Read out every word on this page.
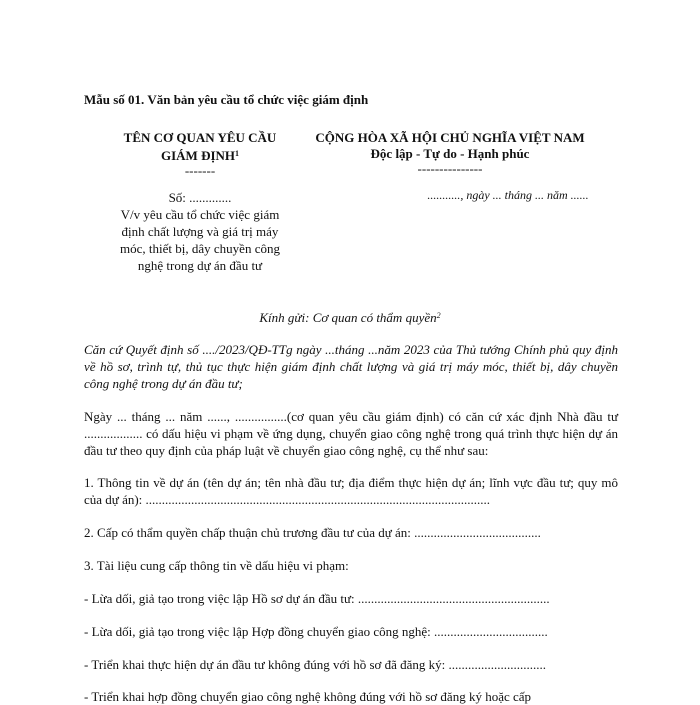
Mẫu số 01. Văn bản yêu cầu tổ chức việc giám định
TÊN CƠ QUAN YÊU CẦU
GIÁM ĐỊNH$^1$
-------
Số: .............
V/v yêu cầu tổ chức việc giám
định chất lượng và giá trị máy
móc, thiết bị, dây chuyền công
nghệ trong dự án đầu tư
CỘNG HÒA XÃ HỘI CHỦ NGHĨA VIỆT NAM
Độc lập - Tự do - Hạnh phúc
---------------
..........., ngày ... tháng ... năm ......
Kính gửi: Cơ quan có thẩm quyền$^2$
Căn cứ Quyết định số ..../2023/QĐ-TTg ngày ...tháng ...năm 2023 của Thủ tướng Chính phủ quy định về hồ sơ, trình tự, thủ tục thực hiện giám định chất lượng và giá trị máy móc, thiết bị, dây chuyền công nghệ trong dự án đầu tư;
Ngày ... tháng ... năm ......, ................(cơ quan yêu cầu giám định) có căn cứ xác định Nhà đầu tư .................. có dấu hiệu vi phạm về ứng dụng, chuyển giao công nghệ trong quá trình thực hiện dự án đầu tư theo quy định của pháp luật về chuyển giao công nghệ, cụ thể như sau:
1. Thông tin về dự án (tên dự án; tên nhà đầu tư; địa điểm thực hiện dự án; lĩnh vực đầu tư; quy mô của dự án): ..........................................................................................................
2. Cấp có thẩm quyền chấp thuận chủ trương đầu tư của dự án: .......................................
3. Tài liệu cung cấp thông tin về dấu hiệu vi phạm:
- Lừa dối, giả tạo trong việc lập Hồ sơ dự án đầu tư: ...........................................................
- Lừa dối, giả tạo trong việc lập Hợp đồng chuyển giao công nghệ: ...................................
- Triển khai thực hiện dự án đầu tư không đúng với hồ sơ đã đăng ký: ..............................
- Triển khai hợp đồng chuyển giao công nghệ không đúng với hồ sơ đăng ký hoặc cấp
